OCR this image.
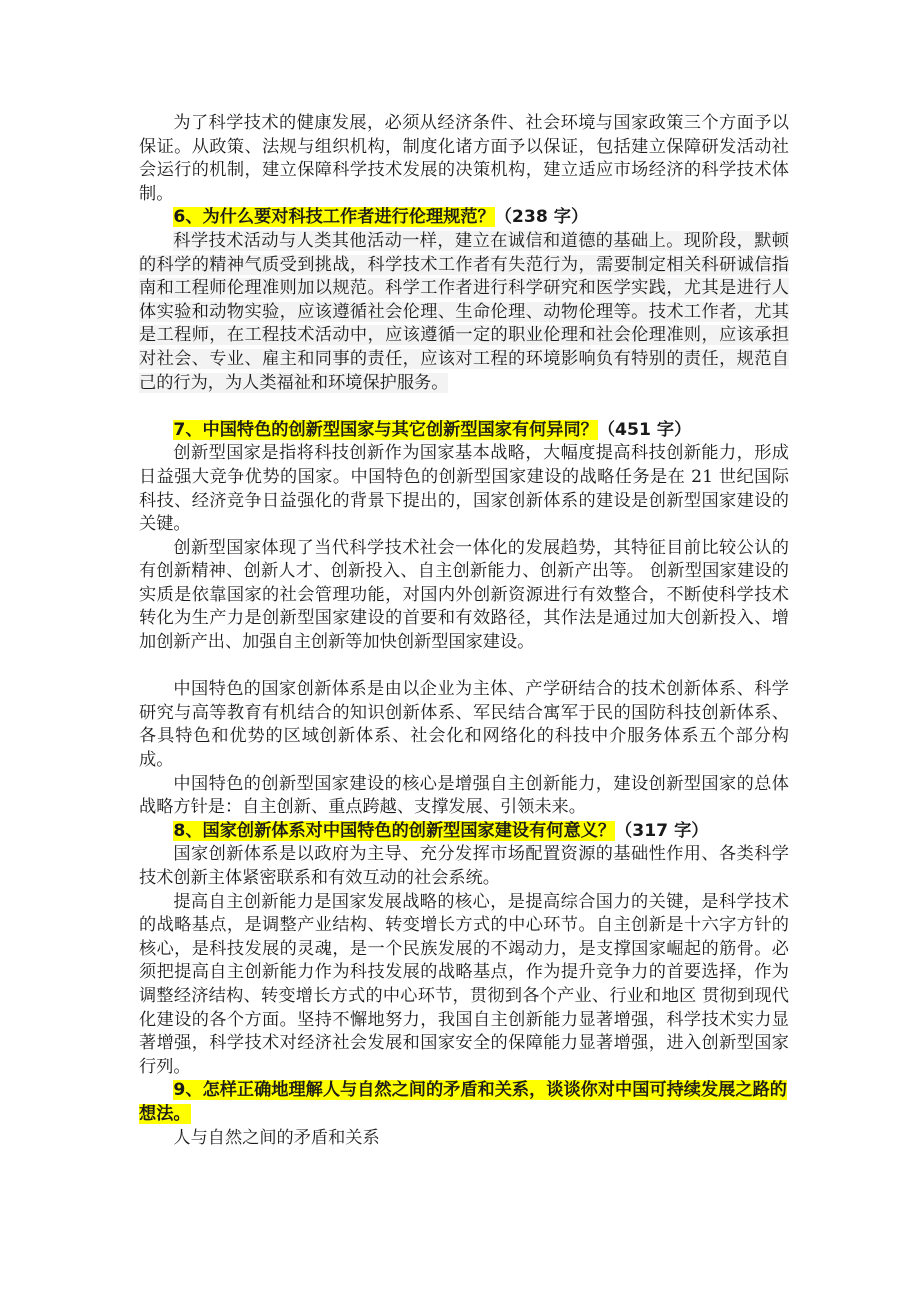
为了科学技术的健康发展，必须从经济条件、社会环境与国家政策三个方面予以保证。从政策、法规与组织机构，制度化诸方面予以保证，包括建立保障研发活动社会运行的机制，建立保障科学技术发展的决策机构，建立适应市场经济的科学技术体制。

6、为什么要对科技工作者进行伦理规范？（238 字）

科学技术活动与人类其他活动一样，建立在诚信和道德的基础上。现阶段，默顿的科学的精神气质受到挑战，科学技术工作者有失范行为，需要制定相关科研诚信指南和工程师伦理准则加以规范。科学工作者进行科学研究和医学实践，尤其是进行人体实验和动物实验，应该遵循社会伦理、生命伦理、动物伦理等。技术工作者，尤其是工程师，在工程技术活动中，应该遵循一定的职业伦理和社会伦理准则，应该承担对社会、专业、雇主和同事的责任，应该对工程的环境影响负有特别的责任，规范自己的行为，为人类福祉和环境保护服务。

7、中国特色的创新型国家与其它创新型国家有何异同？（451 字）

创新型国家是指将科技创新作为国家基本战略，大幅度提高科技创新能力，形成日益强大竞争优势的国家。中国特色的创新型国家建设的战略任务是在 21 世纪国际科技、经济竞争日益强化的背景下提出的，国家创新体系的建设是创新型国家建设的关键。

创新型国家体现了当代科学技术社会一体化的发展趋势，其特征目前比较公认的有创新精神、创新人才、创新投入、自主创新能力、创新产出等。 创新型国家建设的实质是依靠国家的社会管理功能，对国内外创新资源进行有效整合，不断使科学技术转化为生产力是创新型国家建设的首要和有效路径，其作法是通过加大创新投入、增加创新产出、加强自主创新等加快创新型国家建设。

中国特色的国家创新体系是由以企业为主体、产学研结合的技术创新体系、科学研究与高等教育有机结合的知识创新体系、军民结合寓军于民的国防科技创新体系、各具特色和优势的区域创新体系、社会化和网络化的科技中介服务体系五个部分构成。

中国特色的创新型国家建设的核心是增强自主创新能力，建设创新型国家的总体战略方针是：自主创新、重点跨越、支撑发展、引领未来。

8、国家创新体系对中国特色的创新型国家建设有何意义？（317 字）

国家创新体系是以政府为主导、充分发挥市场配置资源的基础性作用、各类科学技术创新主体紧密联系和有效互动的社会系统。

提高自主创新能力是国家发展战略的核心，是提高综合国力的关键，是科学技术的战略基点，是调整产业结构、转变增长方式的中心环节。自主创新是十六字方针的核心，是科技发展的灵魂，是一个民族发展的不竭动力，是支撑国家崛起的筋骨。必须把提高自主创新能力作为科技发展的战略基点，作为提升竞争力的首要选择，作为调整经济结构、转变增长方式的中心环节，贯彻到各个产业、行业和地区 贯彻到现代化建设的各个方面。坚持不懈地努力，我国自主创新能力显著增强，科学技术实力显著增强，科学技术对经济社会发展和国家安全的保障能力显著增强，进入创新型国家行列。

9、怎样正确地理解人与自然之间的矛盾和关系，谈谈你对中国可持续发展之路的想法。

人与自然之间的矛盾和关系
